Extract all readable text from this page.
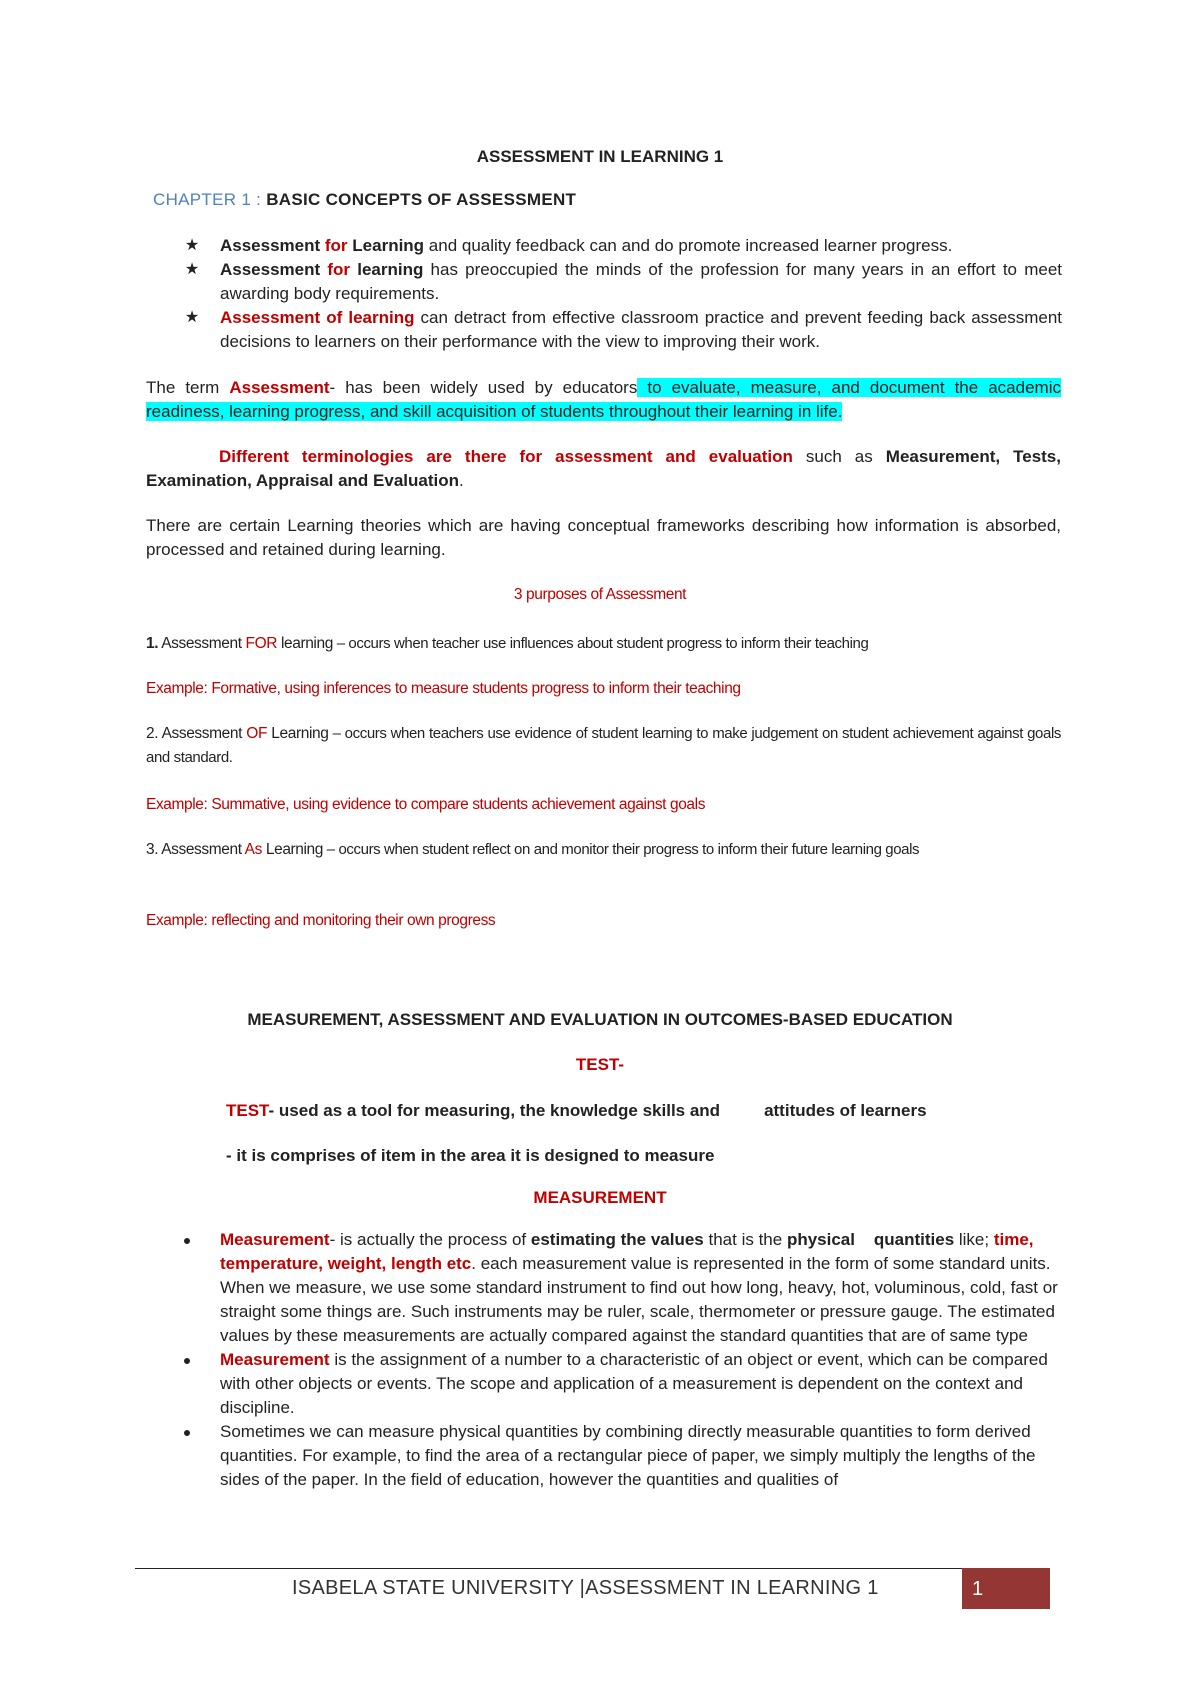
ASSESSMENT IN LEARNING 1
CHAPTER 1 : BASIC CONCEPTS OF ASSESSMENT
★ Assessment for Learning and quality feedback can and do promote increased learner progress.
★ Assessment for learning has preoccupied the minds of the profession for many years in an effort to meet awarding body requirements.
★ Assessment of learning can detract from effective classroom practice and prevent feeding back assessment decisions to learners on their performance with the view to improving their work.

The term Assessment- has been widely used by educators to evaluate, measure, and document the academic readiness, learning progress, and skill acquisition of students throughout their learning in life.

Different terminologies are there for assessment and evaluation such as Measurement, Tests, Examination, Appraisal and Evaluation.

There are certain Learning theories which are having conceptual frameworks describing how information is absorbed, processed and retained during learning.

3 purposes of Assessment

1. Assessment FOR learning – occurs when teacher use influences about student progress to inform their teaching

Example: Formative, using inferences to measure students progress to inform their teaching

2. Assessment OF Learning – occurs when teachers use evidence of student learning to make judgement on student achievement against goals and standard.

Example: Summative, using evidence to compare students achievement against goals

3. Assessment As Learning – occurs when student reflect on and monitor their progress to inform their future learning goals

Example: reflecting and monitoring their own progress

MEASUREMENT, ASSESSMENT AND EVALUATION IN OUTCOMES-BASED EDUCATION

TEST-

TEST- used as a tool for measuring, the knowledge skills and	attitudes of learners

- it is comprises of item in the area it is designed to measure

MEASUREMENT

Measurement- is actually the process of estimating the values that is the physical    quantities like; time, temperature, weight, length etc. each measurement value is represented in the form of some standard units. When we measure, we use some standard instrument to find out how long, heavy, hot, voluminous, cold, fast or straight some things are. Such instruments may be ruler, scale, thermometer or pressure gauge. The estimated values by these measurements are actually compared against the standard quantities that are of same type
Measurement is the assignment of a number to a characteristic of an object or event, which can be compared with other objects or events. The scope and application of a measurement is dependent on the context and discipline.
Sometimes we can measure physical quantities by combining directly measurable quantities to form derived quantities. For example, to find the area of a rectangular piece of paper, we simply multiply the lengths of the sides of the paper. In the field of education, however the quantities and qualities of
ISABELA STATE UNIVERSITY |ASSESSMENT IN LEARNING 1	1
